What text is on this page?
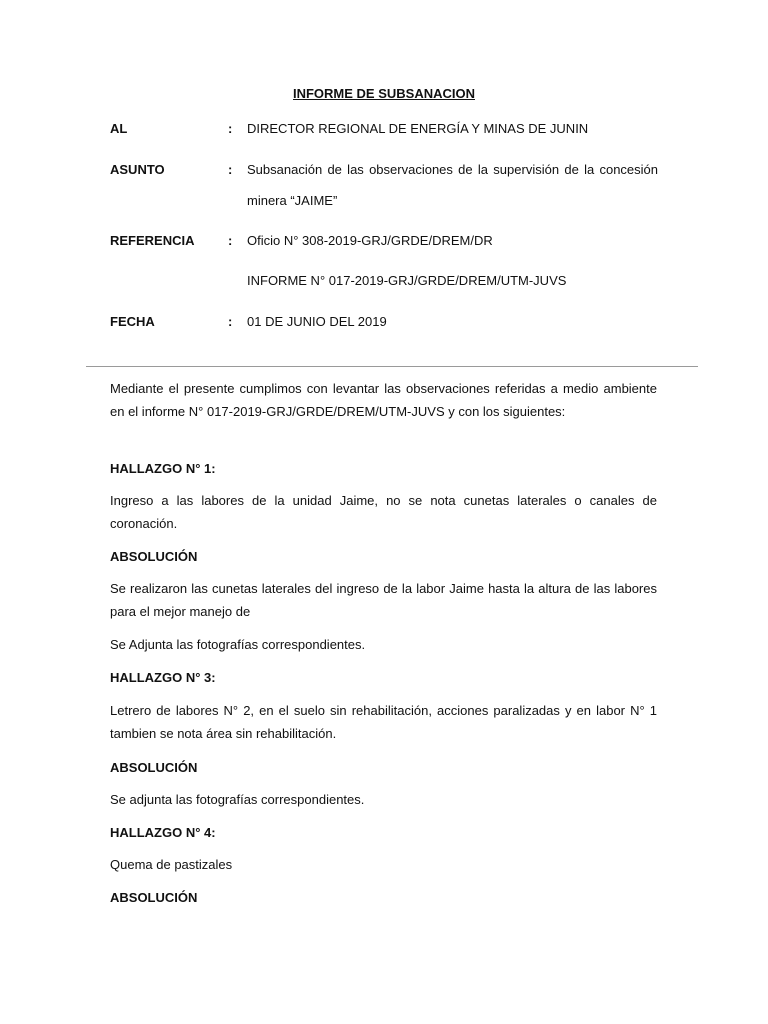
INFORME DE SUBSANACION
AL	: DIRECTOR REGIONAL DE ENERGÍA Y MINAS DE JUNIN
ASUNTO	: Subsanación de las observaciones de la supervisión de la concesión minera “JAIME”
REFERENCIA	: Oficio N° 308-2019-GRJ/GRDE/DREM/DR
INFORME N° 017-2019-GRJ/GRDE/DREM/UTM-JUVS
FECHA	: 01 DE JUNIO DEL 2019
Mediante el presente cumplimos con levantar las observaciones referidas a medio ambiente en el informe N° 017-2019-GRJ/GRDE/DREM/UTM-JUVS y con los siguientes:
HALLAZGO N° 1:
Ingreso a las labores de la unidad Jaime, no se nota cunetas laterales o canales de coronación.
ABSOLUCIÓN
Se realizaron las cunetas laterales del ingreso de la labor Jaime hasta la altura de las labores para el mejor manejo de
Se Adjunta las fotografías correspondientes.
HALLAZGO N° 3:
Letrero de labores N° 2, en el suelo sin rehabilitación, acciones paralizadas y en labor N° 1 tambien se nota área sin rehabilitación.
ABSOLUCIÓN
Se adjunta las fotografías correspondientes.
HALLAZGO N° 4:
Quema de pastizales
ABSOLUCIÓN
